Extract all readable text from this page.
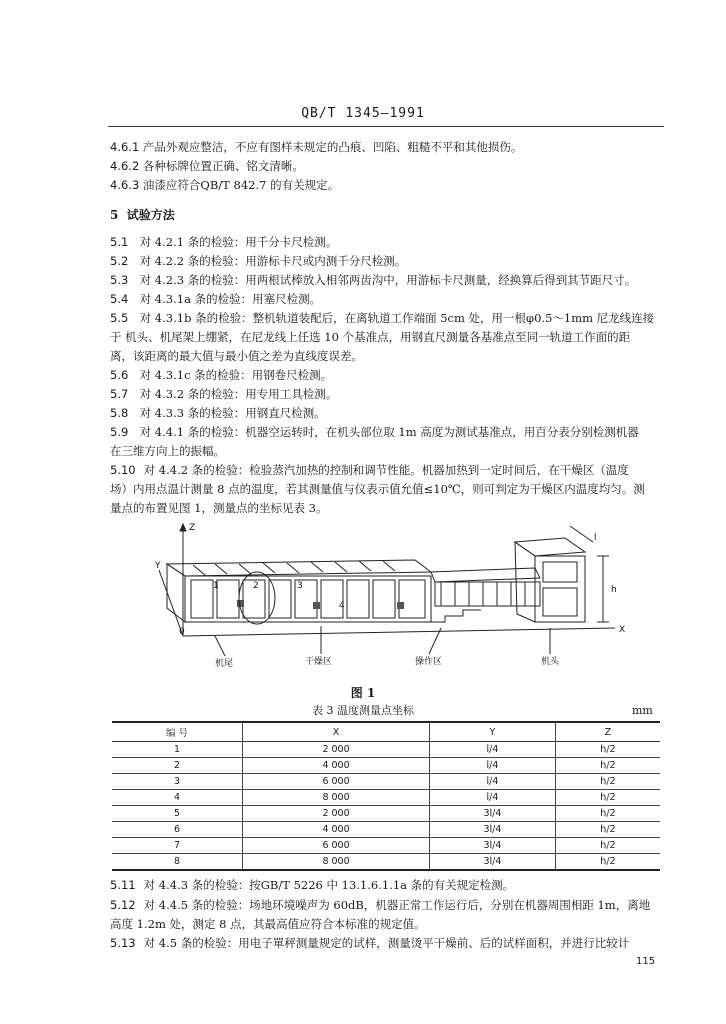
QB/T 1345—1991
4.6.1 产品外观应整洁，不应有图样未规定的凸痕、凹陷、粗糙不平和其他损伤。
4.6.2 各种标牌位置正确、铭文清晰。
4.6.3 油漆应符合QB/T 842.7 的有关规定。
5 试验方法
5.1 对 4.2.1 条的检验：用千分卡尺检测。
5.2 对 4.2.2 条的检验：用游标卡尺或内测千分尺检测。
5.3 对 4.2.3 条的检验：用两根试棒放入相邻两齿沟中，用游标卡尺测量，经换算后得到其节距尺寸。
5.4 对 4.3.1a 条的检验：用塞尺检测。
5.5 对 4.3.1b 条的检验：整机轨道装配后，在离轨道工作端面 5cm 处，用一根φ0.5～1mm 尼龙线连接
于 机头、机尾架上绷紧，在尼龙线上任选 10 个基准点，用钢直尺测量各基准点至同一轨道工作面的距
离，该距离的最大值与最小值之差为直线度误差。
5.6 对 4.3.1c 条的检验：用钢卷尺检测。
5.7 对 4.3.2 条的检验：用专用工具检测。
5.8 对 4.3.3 条的检验：用钢直尺检测。
5.9 对 4.4.1 条的检验：机器空运转时，在机头部位取 1m 高度为测试基准点，用百分表分别检测机器
在三维方向上的振幅。
5.10 对 4.4.2 条的检验：检验蒸汽加热的控制和调节性能。机器加热到一定时间后，在干燥区（温度
场）内用点温计测量 8 点的温度，若其测量值与仪表示值允值≤10℃，则可判定为干燥区内温度均匀。测
量点的布置见图 1，测量点的坐标见表 3。
Z
Y
X
0
l
h
1	2	3
4
机尾	干燥区	操作区	机头
图 1
表 3 温度测量点坐标	mm
编 号	X	Y	Z
1	2 000	l/4	h/2
2	4 000	l/4	h/2
3	6 000	l/4	h/2
4	8 000	l/4	h/2
5	2 000	3l/4	h/2
6	4 000	3l/4	h/2
7	6 000	3l/4	h/2
8	8 000	3l/4	h/2
5.11 对 4.4.3 条的检验：按GB/T 5226 中 13.1.6.1.1a 条的有关规定检测。
5.12 对 4.4.5 条的检验：场地环境噪声为 60dB，机器正常工作运行后，分别在机器周围相距 1m，离地
高度 1.2m 处，测定 8 点，其最高值应符合本标准的规定值。
5.13 对 4.5 条的检验：用电子單秤测量规定的试样，测量烫平干燥前、后的试样面积，并进行比较计
115
